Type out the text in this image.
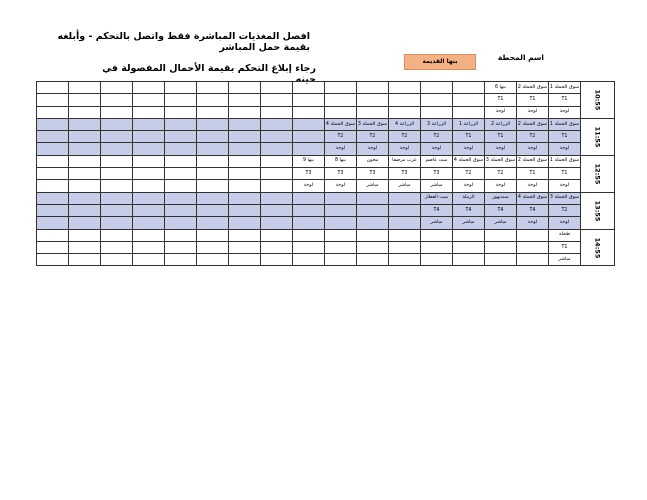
افصل المغذيات المباشرة فقط واتصل بالتحكم - وأبلغه بقيمة حمل المباشر
رجاء إبلاغ التحكم بقيمة الأحمال المفصولة في حينه
اسم المحطة
بنها القديمة
														بنها 6	سوق الجملة 2	سوق الجملة 1	10:55
														T1	T1	T1	
														لوحة	لوحة	لوحة	
									سوق الجملة 4	سوق الجملة 3	الزراعة 4	الزراعة 3	الزراعة 1	الزراعة 2	سوق الجملة 2	سوق الجملة 1	11:55
									T2	T2	T2	T2	T1	T1	T2	T1	
									لوحة	لوحة	لوحة	لوحة	لوحة	لوحة	لوحة	لوحة	
								بنها 9	بنها 8	محون	عزب مرصفا	ميت عاصم	سوق الجملة 4	سوق الجملة 3	سوق الجملة 2	سوق الجملة 1	12:55
								T3	T3	T3	T3	T3	T2	T2	T1	T1	
								لوحة	لوحة	مباشر	مباشر	مباشر	لوحة	لوحة	لوحة	لوحة	
												ميت العطار	الرملة	سندنهور	سوق الجملة 4	سوق الجملة 3	13:55
												T4	T4	T4	T4	T2	
												مباشر	مباشر	مباشر	لوحة	لوحة	
																طحلة	14:55
																T1	
																مباشر	
